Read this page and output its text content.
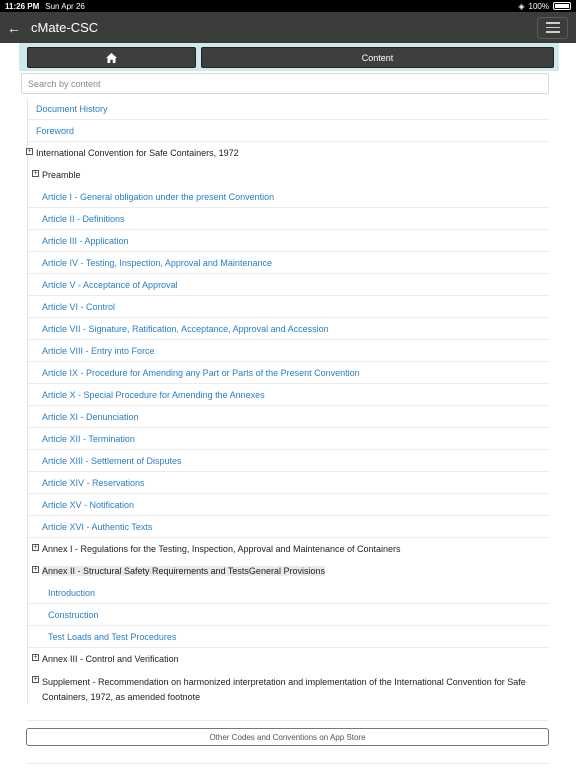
11:26 PM Sun Apr 26	◈ 100%
← cMate-CSC
Content
Search by content
Document History
Foreword
+ International Convention for Safe Containers, 1972
+ Preamble
Article I - General obligation under the present Convention
Article II - Definitions
Article III - Application
Article IV - Testing, Inspection, Approval and Maintenance
Article V - Acceptance of Approval
Article VI - Control
Article VII - Signature, Ratification, Acceptance, Approval and Accession
Article VIII - Entry into Force
Article IX - Procedure for Amending any Part or Parts of the Present Convention
Article X - Special Procedure for Amending the Annexes
Article XI - Denunciation
Article XII - Termination
Article XIII - Settlement of Disputes
Article XIV - Reservations
Article XV - Notification
Article XVI - Authentic Texts
+ Annex I - Regulations for the Testing, Inspection, Approval and Maintenance of Containers
+ Annex II - Structural Safety Requirements and TestsGeneral Provisions
Introduction
Construction
Test Loads and Test Procedures
+ Annex III - Control and Verification
+ Supplement - Recommendation on harmonized interpretation and implementation of the International Convention for Safe Containers, 1972, as amended footnote
Other Codes and Conventions on App Store
